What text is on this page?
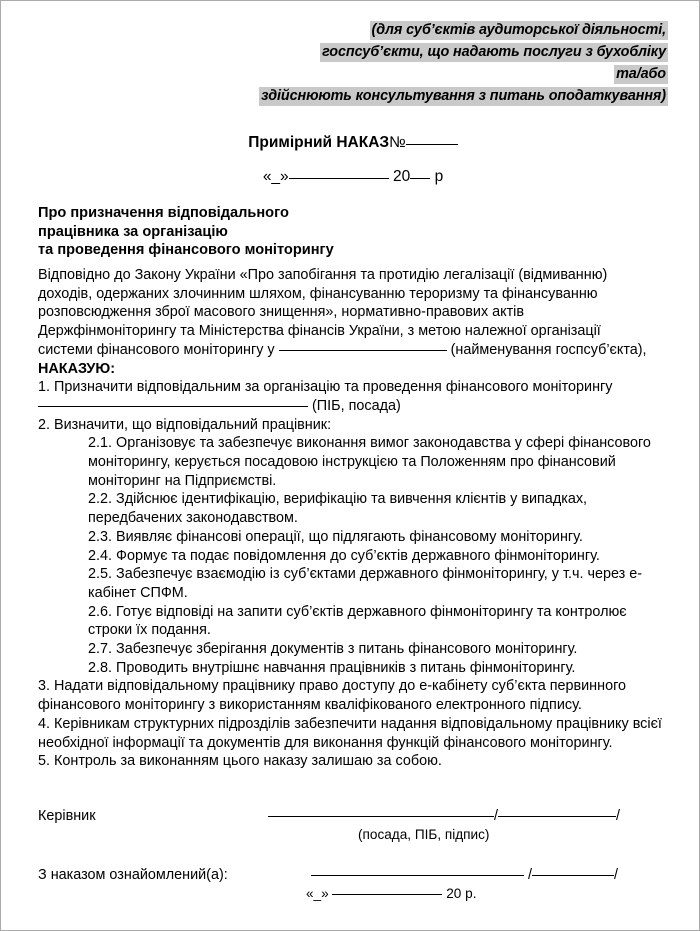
(для суб’єктів аудиторської діяльності,
госпсуб’єкти, що надають послуги з бухобліку
та/або
здійснюють консультування з питань оподаткування)
Примірний НАКАЗ№
«_»	20 р
Про призначення відповідального
працівника за організацію
та проведення фінансового моніторингу

Відповідно до Закону України «Про запобігання та протидію легалізації (відмиванню)
доходів, одержаних злочинним шляхом, фінансуванню тероризму та фінансуванню
розповсюдження зброї масового знищення», нормативно-правових актів
Держфінмоніторингу та Міністерства фінансів України, з метою належної організації
системи фінансового моніторингу у	(найменування госпсуб’єкта),

НАКАЗУЮ:

1. Призначити відповідальним за організацію та проведення фінансового моніторингу
(ПІБ, посада)

2. Визначити, що відповідальний працівник:

2.1. Організовує та забезпечує виконання вимог законодавства у сфері фінансового моніторингу, керується посадовою інструкцією та Положенням про фінансовий моніторинг на Підприємстві.

2.2. Здійснює ідентифікацію, верифікацію та вивчення клієнтів у випадках, передбачених законодавством.

2.3. Виявляє фінансові операції, що підлягають фінансовому моніторингу.

2.4. Формує та подає повідомлення до суб’єктів державного фінмоніторингу.

2.5. Забезпечує взаємодію із суб’єктами державного фінмоніторингу, у т.ч. через е-кабінет СПФМ.

2.6. Готує відповіді на запити суб’єктів державного фінмоніторингу та контролює строки їх подання.

2.7. Забезпечує зберігання документів з питань фінансового моніторингу.

2.8. Проводить внутрішнє навчання працівників з питань фінмоніторингу.

3. Надати відповідальному працівнику право доступу до е-кабінету суб’єкта первинного фінансового моніторингу з використанням кваліфікованого електронного підпису.

4. Керівникам структурних підрозділів забезпечити надання відповідальному працівнику всієї необхідної інформації та документів для виконання функцій фінансового моніторингу.

5. Контроль за виконанням цього наказу залишаю за собою.

Керівник	/	/
(посада, ПІБ, підпис)
З наказом ознайомлений(а):	/	/
«_»	20 р.
